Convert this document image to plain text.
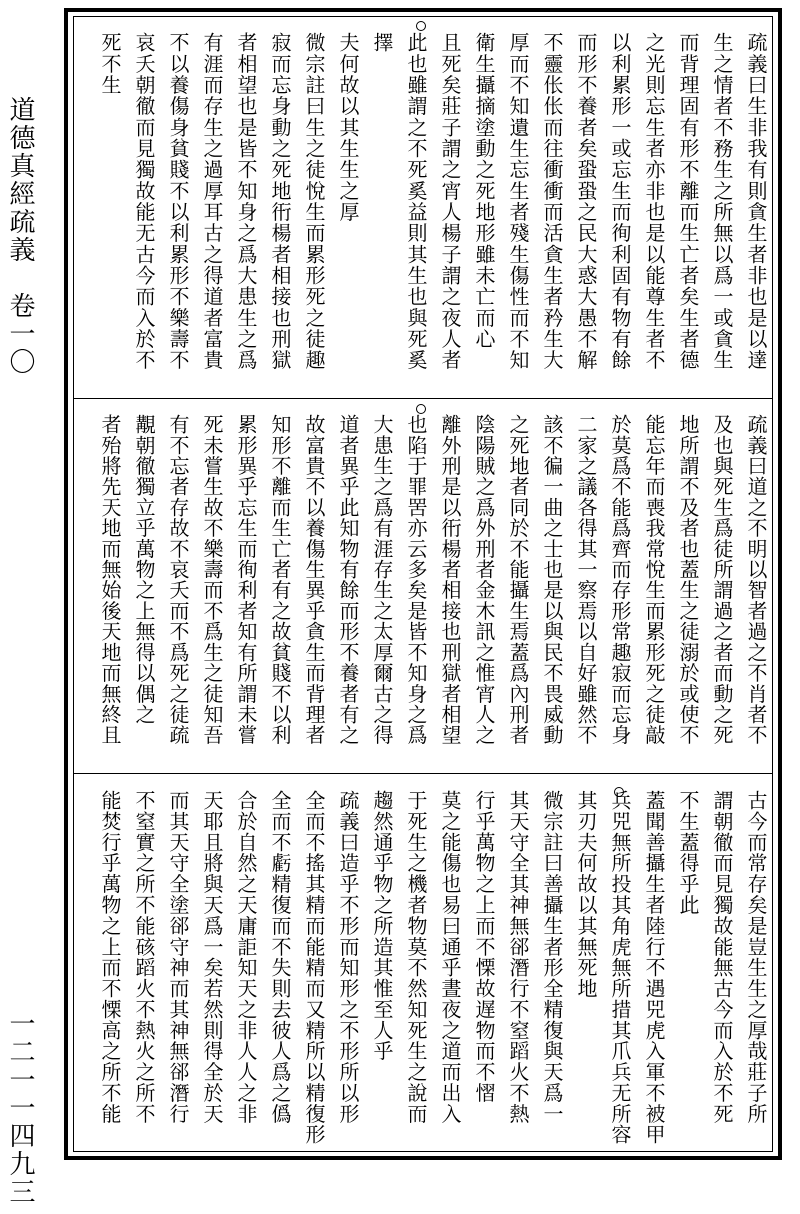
道德真經疏義　卷一〇
一二一一四九三
疏義曰生非我有則貪生者非也是以達
生之情者不務生之所無以爲一或貪生
而背理固有形不離而生亡者矣生者德
之光則忘生者亦非也是以能尊生者不
以利累形一或忘生而徇利固有物有餘
而形不養者矣蛩蛩之民大惑大愚不解
不靈伥伥而往衝衝而活貪生者矜生大
厚而不知遺生忘生者殘生傷性而不知
衛生攝摘塗動之死地形雖未亡而心
且死矣莊子謂之宵人楊子謂之夜人者
此也雖謂之不死奚益則其生也與死奚
擇
夫何故以其生生之厚
微宗註曰生之徒悅生而累形死之徒趣
寂而忘身動之死地衎楊者相接也刑獄
者相望也是皆不知身之爲大患生之爲
有涯而存生之過厚耳古之得道者富貴
不以養傷身貧賤不以利累形不樂壽不
哀夭朝徹而見獨故能无古今而入於不
死不生
疏義曰道之不明以智者過之不肖者不
及也與死生爲徒所謂過之者而動之死
地所謂不及者也蓋生之徒溺於或使不
能忘年而喪我常悅生而累形死之徒敲
於莫爲不能爲齊而存形常趣寂而忘身
二家之議各得其一察焉以自好雖然不
該不徧一曲之士也是以與民不畏威動
之死地者同於不能攝生焉蓋爲內刑者
陰陽賊之爲外刑者金木訊之惟宵人之
離外刑是以衎楊者相接也刑獄者相望
也陷于罪罟亦云多矣是皆不知身之爲
大患生之爲有涯存生之太厚爾古之得
道者異乎此知物有餘而形不養者有之
故富貴不以養傷生異乎貪生而背理者
知形不離而生亡者有之故貧賤不以利
累形異乎忘生而徇利者知有所謂未嘗
死未嘗生故不樂壽而不爲生之徒知吾
有不忘者存故不哀夭而不爲死之徒疏
覯朝徹獨立乎萬物之上無得以偶之
者殆將先天地而無始後天地而無終且
古今而常存矣是豈生生之厚哉莊子所
謂朝徹而見獨故能無古今而入於不死
不生蓋得乎此
蓋聞善攝生者陸行不遇兕虎入軍不被甲
兵兕無所投其角虎無所措其爪兵无所容
其刃夫何故以其無死地
微宗註曰善攝生者形全精復與天爲一
其天守全其神無郤潛行不窒蹈火不熱
行乎萬物之上而不慄故遅物而不慴
莫之能傷也易曰通乎晝夜之道而出入
于死生之機者物莫不然知死生之說而
趨然通乎物之所造其惟至人乎
疏義曰造乎不形而知形之不形所以形
全而不搖其精而能精而又精所以精復形
全而不虧精復而不失則去彼人爲之僞
合於自然之天庸詎知天之非人人之非
天耶且將與天爲一矣若然則得全於天
而其天守全塗郤守神而其神無郤潛行
不窒實之所不能硋蹈火不熱火之所不
能焚行乎萬物之上而不慄高之所不能
